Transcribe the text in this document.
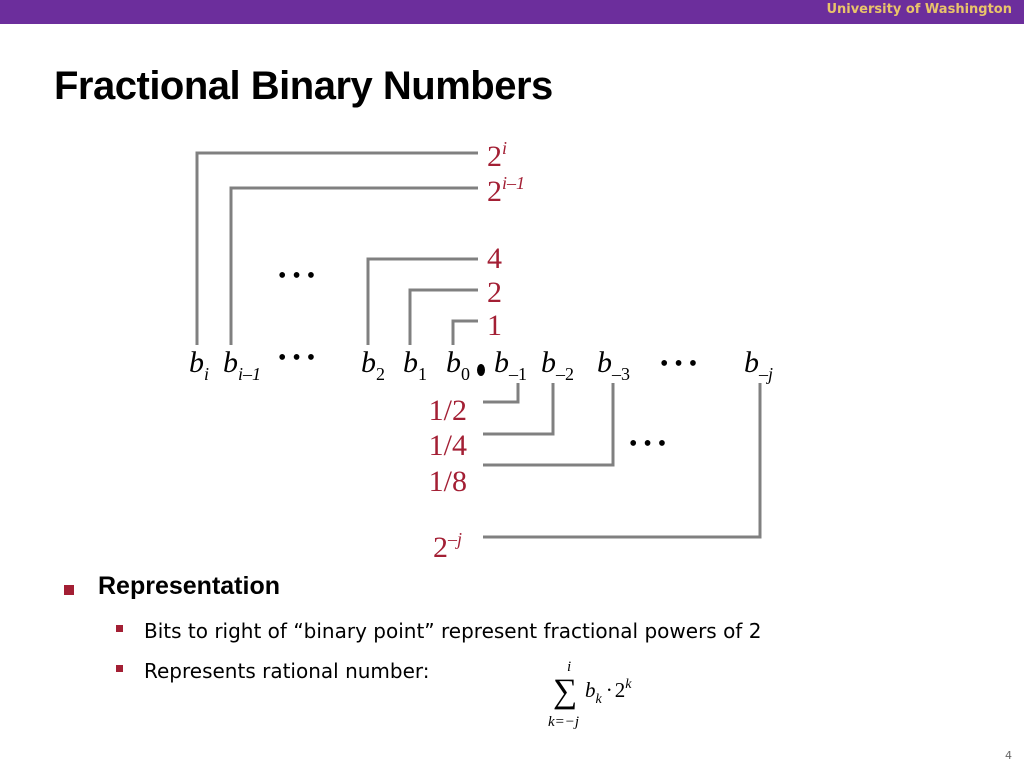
University of Washington
Fractional Binary Numbers
2$^i$
2$^{i-1}$
4
2
1
• • •
• • •	• • •
• • •
$b_i$ $b_{i-1}$	$b_2$ $b_1$ $b_0$ $b_{-1}$ $b_{-2}$ $b_{-3}$	$b_{-j}$
1/2
1/4
1/8
$2^{-j}$
i
∑
k=−j
$b_k \cdot 2^k$
Representation
Bits to right of “binary point” represent fractional powers of 2
Represents rational number:
4
